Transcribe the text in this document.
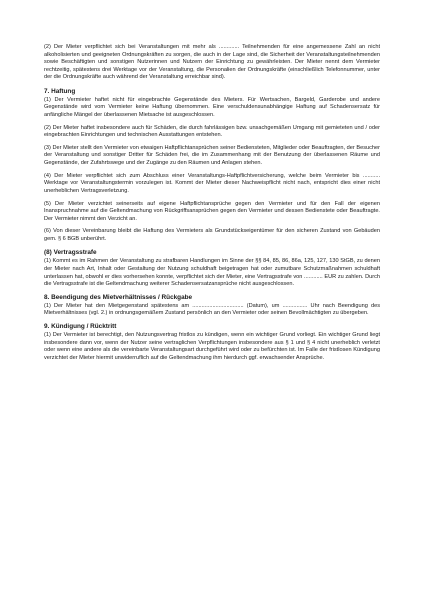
(2) Der Mieter verpflichtet sich bei Veranstaltungen mit mehr als ............. Teilnehmenden für eine angemessene Zahl an nicht alkoholisierten und geeigneten Ordnungskräften zu sorgen, die auch in der Lage sind, die Sicherheit der Veranstaltungsteilnehmenden sowie Beschäftigten und sonstigen Nutzerinnen und Nutzern der Einrichtung zu gewährleisten. Der Mieter nennt dem Vermieter rechtzeitig, spätestens drei Werktage vor der Veranstaltung, die Personalien der Ordnungskräfte (einschließlich Telefonnummer, unter der die Ordnungskräfte auch während der Veranstaltung erreichbar sind).

7. Haftung

(1) Der Vermieter haftet nicht für eingebrachte Gegenstände des Mieters. Für Wertsachen, Bargeld, Garderobe und andere Gegenstände wird vom Vermieter keine Haftung übernommen. Eine verschuldensunabhängige Haftung auf Schadensersatz für anfängliche Mängel der überlassenen Mietsache ist ausgeschlossen.

(2) Der Mieter haftet insbesondere auch für Schäden, die durch fahrlässigen bzw. unsachgemäßen Umgang mit gemieteten und / oder eingebrachten Einrichtungen und technischen Ausstattungen entstehen.

(3) Der Mieter stellt den Vermieter von etwaigen Haftpflichtansprüchen seiner Bediensteten, Mitglieder oder Beauftragten, der Besucher der Veranstaltung und sonstiger Dritter für Schäden frei, die im Zusammenhang mit der Benutzung der überlassenen Räume und Gegenstände, der Zufahrtswege und der Zugänge zu den Räumen und Anlagen stehen.

(4) Der Mieter verpflichtet sich zum Abschluss einer Veranstaltungs-Haftpflichtversicherung, welche beim Vermieter bis ........... Werktage vor Veranstaltungstermin vorzulegen ist. Kommt der Mieter dieser Nachweispflicht nicht nach, entspricht dies einer nicht unerheblichen Vertragsverletzung.

(5) Der Mieter verzichtet seinerseits auf eigene Haftpflichtansprüche gegen den Vermieter und für den Fall der eigenen Inanspruchnahme auf die Geltendmachung von Rückgriffsansprüchen gegen den Vermieter und dessen Bedienstete oder Beauftragte. Der Vermieter nimmt den Verzicht an.

(6) Von dieser Vereinbarung bleibt die Haftung des Vermieters als Grundstückseigentümer für den sicheren Zustand von Gebäuden gem. § 6 BGB unberührt.

(8) Vertragsstrafe

(1) Kommt es im Rahmen der Veranstaltung zu strafbaren Handlungen im Sinne der §§ 84, 85, 86, 86a, 125, 127, 130 StGB, zu denen der Mieter nach Art, Inhalt oder Gestaltung der Nutzung schuldhaft beigetragen hat oder zumutbare Schutzmaßnahmen schuldhaft unterlassen hat, obwohl er dies vorhersehen konnte, verpflichtet sich der Mieter, eine Vertragsstrafe von ............ EUR zu zahlen. Durch die Vertragsstrafe ist die Geltendmachung weiterer Schadensersatzansprüche nicht ausgeschlossen.

8. Beendigung des Mietverhältnisses / Rückgabe

(1) Der Mieter hat den Mietgegenstand spätestens am ................................. (Datum), um ................ Uhr nach Beendigung des Mietverhältnisses (vgl. 2.) in ordnungsgemäßem Zustand persönlich an den Vermieter oder seinen Bevollmächtigten zu übergeben.

9. Kündigung / Rücktritt

(1) Der Vermieter ist berechtigt, den Nutzungsvertrag fristlos zu kündigen, wenn ein wichtiger Grund vorliegt. Ein wichtiger Grund liegt insbesondere dann vor, wenn der Nutzer seine vertraglichen Verpflichtungen insbesondere aus § 1 und § 4 nicht unerheblich verletzt oder wenn eine andere als die vereinbarte Veranstaltungsart durchgeführt wird oder zu befürchten ist. Im Falle der fristlosen Kündigung verzichtet der Mieter hiermit unwiderruflich auf die Geltendmachung ihm hierdurch ggf. erwachsender Ansprüche.
